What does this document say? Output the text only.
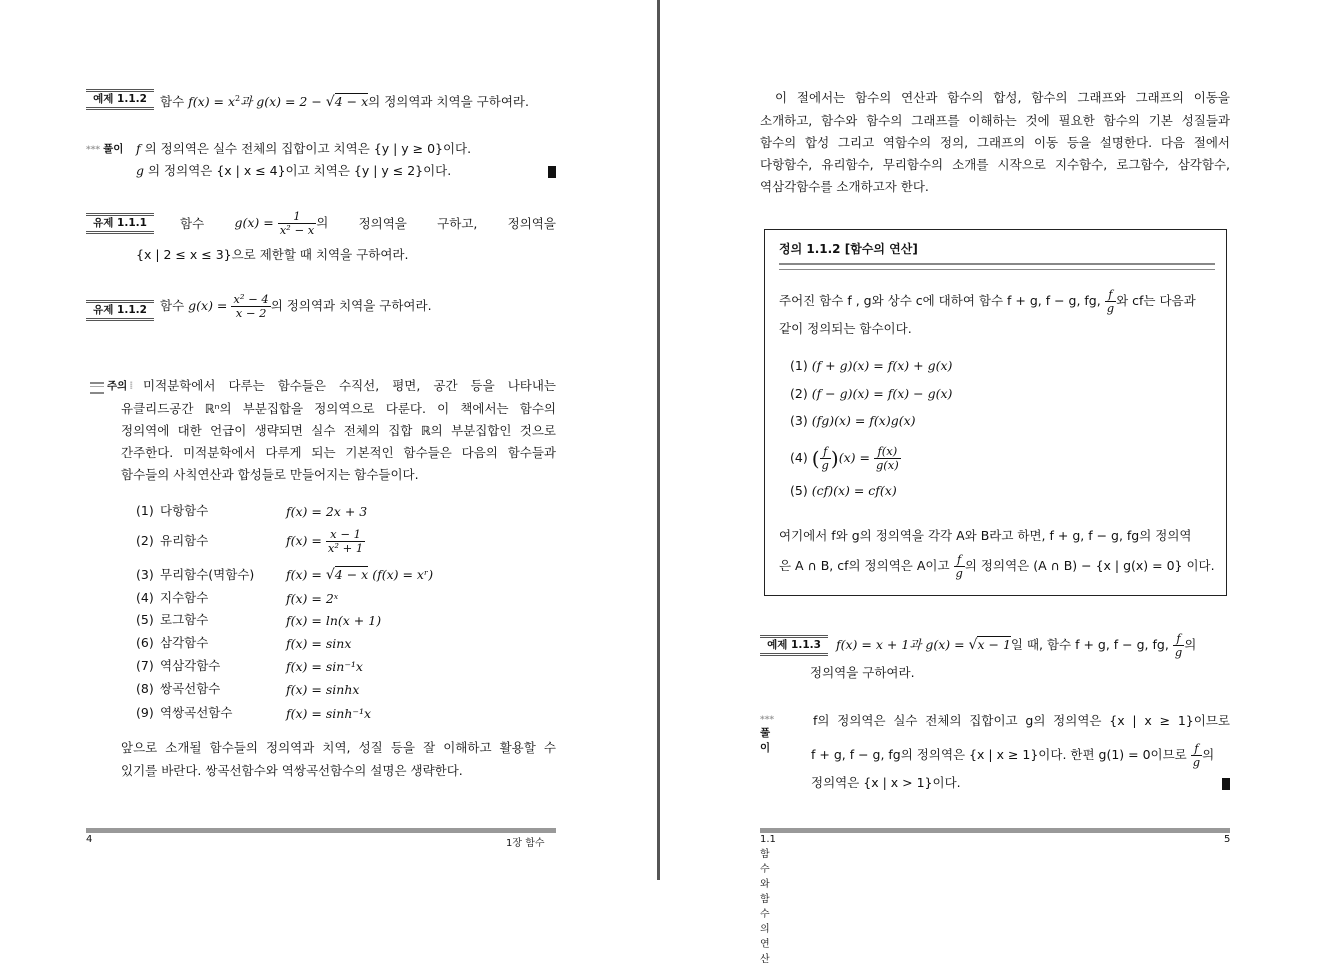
예제 1.1.2	함수 $f(x) = x^2$과 g(x) = 2 − √4 − x의 정의역과 치역을 구하여라.
*** 풀이 f 의 정의역은 실수 전체의 집합이고 치역은 {y | y ≥ 0}이다.
g 의 정의역은 {x | x ≤ 4}이고 치역은 {y | y ≤ 2}이다.
유제 1.1.1	함수 $g(x) = \frac{1}{\text{x² − x}}$ 의 정의역을 구하고, 정의역을
{x | 2 ≤ x ≤ 3}으로 제한할 때 치역을 구하여라.
유제 1.1.2	함수 $g(x) = \frac{\text{x² − 4}}{x - 2}$ 의 정의역과 치역을 구하여라.
주의 ⁞ 미적분학에서 다루는 함수들은 수직선, 평면, 공간 등을 나타내는
유클리드공간 ℝⁿ의 부분집합을 정의역으로 다룬다. 이 책에서는 함수의
정의역에 대한 언급이 생략되면 실수 전체의 집합 ℝ의 부분집합인 것으로
간주한다. 미적분학에서 다루게 되는 기본적인 함수들은 다음의 함수들과
함수들의 사칙연산과 합성들로 만들어지는 함수들이다.
(1) 다항함수	f(x) = 2x + 3
(2) 유리함수	$f(x) = \frac{x - 1}{\text{x² + 1}}$
(3) 무리함수(멱함수)	f(x) = √4 − x (f(x) = xʳ)
(4) 지수함수	f(x) = 2ˣ
(5) 로그함수	f(x) = ln(x + 1)
(6) 삼각함수	f(x) = sinx
(7) 역삼각함수	f(x) = sin⁻¹x
(8) 쌍곡선함수	f(x) = sinhx
(9) 역쌍곡선함수	f(x) = sinh⁻¹x
앞으로 소개될 함수들의 정의역과 치역, 성질 등을 잘 이해하고 활용할 수
있기를 바란다. 쌍곡선함수와 역쌍곡선함수의 설명은 생략한다.
4	1장 함수
이 절에서는 함수의 연산과 함수의 합성, 함수의 그래프와 그래프의 이동을
소개하고, 함수와 함수의 그래프를 이해하는 것에 필요한 함수의 기본 성질들과
함수의 합성 그리고 역함수의 정의, 그래프의 이동 등을 설명한다. 다음 절에서
다항함수, 유리함수, 무리함수의 소개를 시작으로 지수함수, 로그함수, 삼각함수,
역삼각함수를 소개하고자 한다.
정의 1.1.2 [함수의 연산]
주어진 함수 f , g와 상수 c에 대하여 함수 f + g, f − g, fg, $\frac{f}{g}$ 와 cf는 다음과
같이 정의되는 함수이다.
(1) (f + g)(x) = f(x) + g(x)
(2) (f − g)(x) = f(x) − g(x)
(3) (fg)(x) = f(x)g(x)
(4) ( $\frac{f}{g} )(x) = \frac{f(x)}{g(x)}$
(5) (cf)(x) = cf(x)
여기에서 f와 g의 정의역을 각각 A와 B라고 하면, f + g, f − g, fg의 정의역
은 A ∩ B, cf의 정의역은 A이고 $\frac{f}{g}$ 의 정의역은 (A ∩ B) − {x | g(x) = 0} 이다.
예제 1.1.3	f(x) = x + 1과 g(x) = √x − 1일 때, 함수 f + g, f − g, fg, $\frac{f}{g}$ 의
정의역을 구하여라.
***풀이
f의 정의역은 실수 전체의 집합이고 g의 정의역은 {x | x ≥ 1}이므로
f + g, f − g, fg의 정의역은 {x | x ≥ 1}이다. 한편 g(1) = 0이므로 $\frac{f}{g}$ 의
정의역은 {x | x > 1}이다.
1.1 함수와 함수의 연산
5
